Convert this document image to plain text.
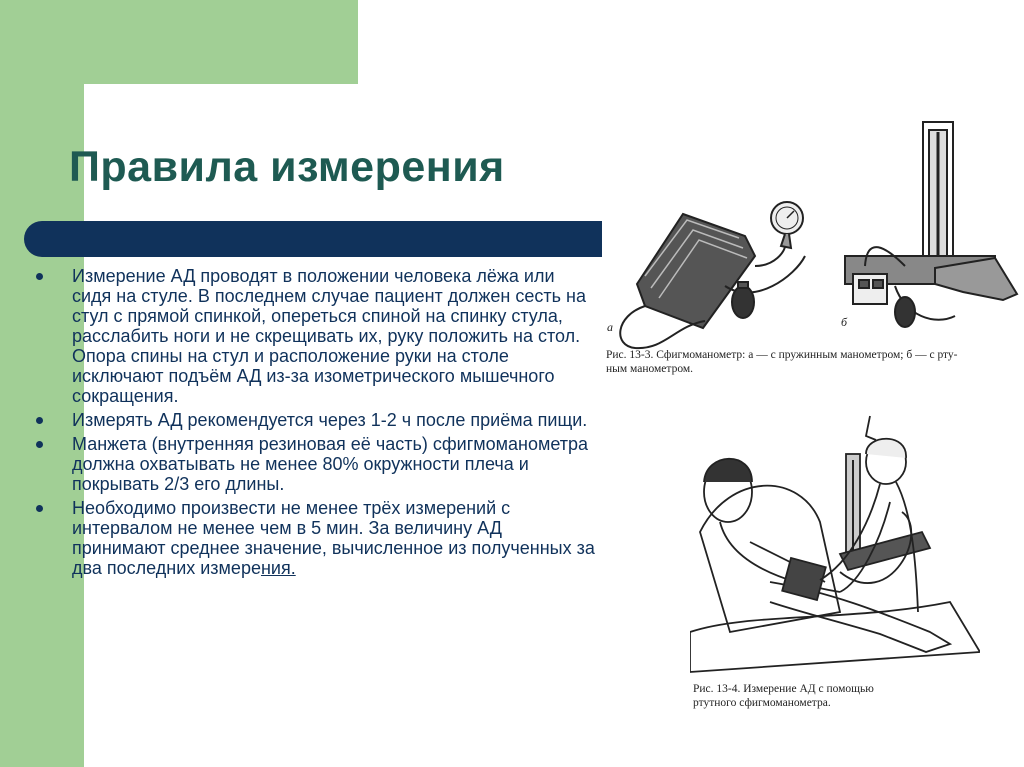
Правила измерения
Измерение АД проводят в положении человека лёжа или сидя на стуле. В последнем случае пациент должен сесть на стул с прямой спинкой, опереться спиной на спинку стула, расслабить ноги и не скрещивать их, руку положить на стол. Опора спины на стул и расположение руки на столе исключают подъём АД из-за изометрического мышечного сокращения.
Измерять АД рекомендуется через 1-2 ч после приёма пищи.
Манжета (внутренняя резиновая её часть) сфигмоманометра должна охватывать не менее 80% окружности плеча и покрывать 2/3 его длины.
Необходимо произвести не менее трёх измерений с интервалом не менее чем в 5 мин. За величину АД принимают среднее значение, вычисленное из полученных за два последних измерения.
а	б
Рис. 13-3. Сфигмоманометр: а — с пружинным манометром; б — с рту-
ным манометром.
Рис. 13-4. Измерение АД с помощью
ртутного сфигмоманометра.
